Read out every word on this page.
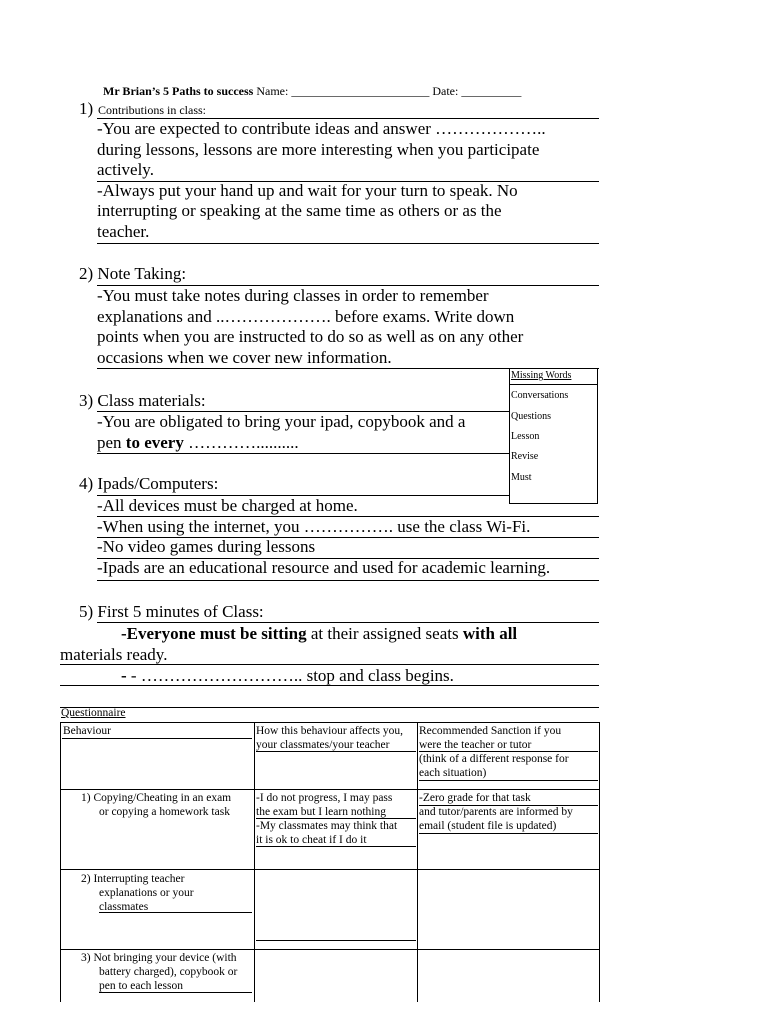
Mr Brian’s 5 Paths to success Name: _______________________ Date: __________
1) Contributions in class:

-You are expected to contribute ideas and answer ………………..

during lessons, lessons are more interesting when you participate

actively.

-Always put your hand up and wait for your turn to speak. No

interrupting or speaking at the same time as others or as the

teacher.

2) Note Taking:

-You must take notes during classes in order to remember

explanations and ..………………. before exams. Write down

points when you are instructed to do so as well as on any other

occasions when we cover new information.

3) Class materials:

-You are obligated to bring your ipad, copybook and a

pen to every …………..........

Missing Words
Conversations
Questions
Lesson
Revise
Must
4) Ipads/Computers:

-All devices must be charged at home.

-When using the internet, you ……………. use the class Wi-Fi.

-No video games during lessons

-Ipads are an educational resource and used for academic learning.

5) First 5 minutes of Class:
-Everyone must be sitting at their assigned seats with all
materials ready.
- - ……………………….. stop and class begins.
Questionnaire
Behaviour	How this behaviour affects you,
your classmates/your teacher
Recommended Sanction if you
were the teacher or tutor
(think of a different response for
each situation)
1) Copying/Cheating in an exam
or copying a homework task
-I do not progress, I may pass
the exam but I learn nothing
-My classmates may think that
it is ok to cheat if I do it
-Zero grade for that task
and tutor/parents are informed by
email (student file is updated)
2) Interrupting teacher
explanations or your
classmates
3) Not bringing your device (with
battery charged), copybook or
pen to each lesson
